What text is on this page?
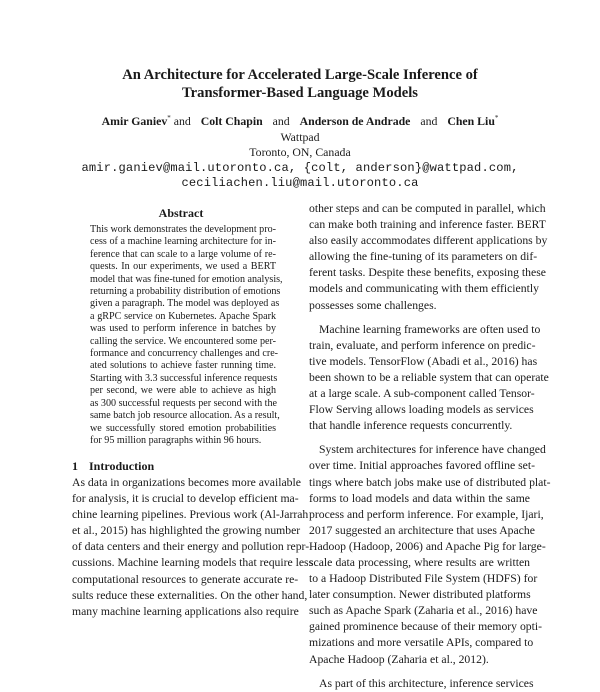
An Architecture for Accelerated Large-Scale Inference of
Transformer-Based Language Models
Amir Ganiev* and Colt Chapin and Anderson de Andrade and Chen Liu*
Wattpad
Toronto, ON, Canada
amir.ganiev@mail.utoronto.ca, {colt, anderson}@wattpad.com,
ceciliachen.liu@mail.utoronto.ca
Abstract
This work demonstrates the development pro-
cess of a machine learning architecture for in-
ference that can scale to a large volume of re-
quests. In our experiments, we used a BERT
model that was fine-tuned for emotion analysis,
returning a probability distribution of emotions
given a paragraph. The model was deployed as
a gRPC service on Kubernetes. Apache Spark
was used to perform inference in batches by
calling the service. We encountered some per-
formance and concurrency challenges and cre-
ated solutions to achieve faster running time.
Starting with 3.3 successful inference requests
per second, we were able to achieve as high
as 300 successful requests per second with the
same batch job resource allocation. As a result,
we successfully stored emotion probabilities
for 95 million paragraphs within 96 hours.
1 Introduction
As data in organizations becomes more available
for analysis, it is crucial to develop efficient ma-
chine learning pipelines. Previous work (Al-Jarrah
et al., 2015) has highlighted the growing number
of data centers and their energy and pollution repr-
cussions. Machine learning models that require less
computational resources to generate accurate re-
sults reduce these externalities. On the other hand,
many machine learning applications also require
other steps and can be computed in parallel, which
can make both training and inference faster. BERT
also easily accommodates different applications by
allowing the fine-tuning of its parameters on dif-
ferent tasks. Despite these benefits, exposing these
models and communicating with them efficiently
possesses some challenges.
Machine learning frameworks are often used to
train, evaluate, and perform inference on predic-
tive models. TensorFlow (Abadi et al., 2016) has
been shown to be a reliable system that can operate
at a large scale. A sub-component called Tensor-
Flow Serving allows loading models as services
that handle inference requests concurrently.
System architectures for inference have changed
over time. Initial approaches favored offline set-
tings where batch jobs make use of distributed plat-
forms to load models and data within the same
process and perform inference. For example, Ijari,
2017 suggested an architecture that uses Apache
Hadoop (Hadoop, 2006) and Apache Pig for large-
scale data processing, where results are written
to a Hadoop Distributed File System (HDFS) for
later consumption. Newer distributed platforms
such as Apache Spark (Zaharia et al., 2016) have
gained prominence because of their memory opti-
mizations and more versatile APIs, compared to
Apache Hadoop (Zaharia et al., 2012).
As part of this architecture, inference services
